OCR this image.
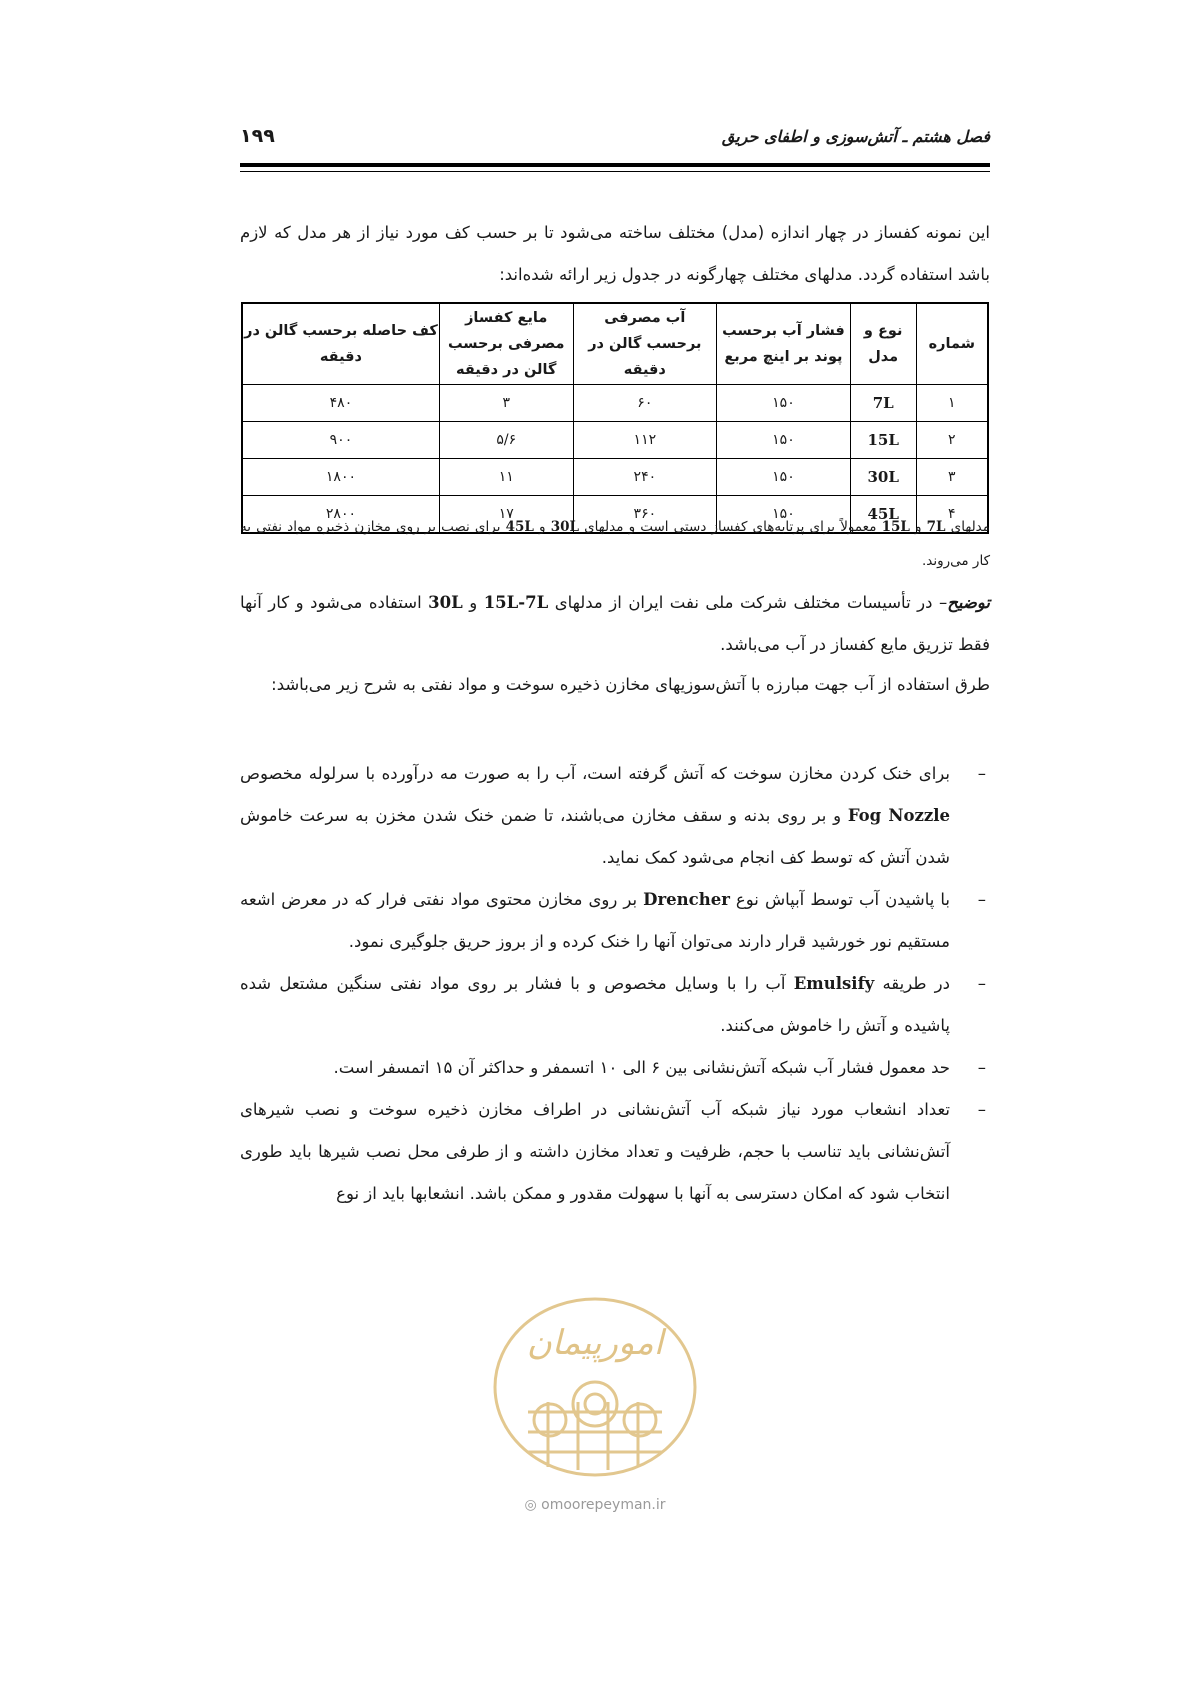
۱۹۹	فصل هشتم ـ آتش‌سوزی و اطفای حریق

این نمونه کفساز در چهار اندازه (مدل) مختلف ساخته می‌شود تا بر حسب کف مورد نیاز از هر مدل که لازم باشد استفاده گردد. مدلهای مختلف چهارگونه در جدول زیر ارائه شده‌اند:

شماره	نوع و مدل	فشار آب برحسب پوند بر اینچ مربع	آب مصرفی برحسب گالن در دقیقه	مایع کفساز مصرفی برحسب گالن در دقیقه	کف حاصله برحسب گالن در دقیقه
۱	7L	۱۵۰	۶۰	۳	۴۸۰
۲	15L	۱۵۰	۱۱۲	۵/۶	۹۰۰
۳	30L	۱۵۰	۲۴۰	۱۱	۱۸۰۰
۴	45L	۱۵۰	۳۶۰	۱۷	۲۸۰۰

مدلهای 7L و 15L معمولاً برای پرتابه‌های کفساز دستی است و مدلهای 30L و 45L برای نصب بر روی مخازن ذخیره مواد نفتی به کار می‌روند.

توضیح– در تأسیسات مختلف شرکت ملی نفت ایران از مدلهای 15L-7L و 30L استفاده می‌شود و کار آنها فقط تزریق مایع کفساز در آب می‌باشد.

طرق استفاده از آب جهت مبارزه با آتش‌سوزیهای مخازن ذخیره سوخت و مواد نفتی به شرح زیر می‌باشد:

–
برای خنک کردن مخازن سوخت که آتش گرفته است، آب را به صورت مه درآورده با سرلوله مخصوص Fog Nozzle و بر روی بدنه و سقف مخازن می‌باشند، تا ضمن خنک شدن مخزن به سرعت خاموش شدن آتش که توسط کف انجام می‌شود کمک نماید.
–
با پاشیدن آب توسط آبپاش نوع Drencher بر روی مخازن محتوی مواد نفتی فرار که در معرض اشعه مستقیم نور خورشید قرار دارند می‌توان آنها را خنک کرده و از بروز حریق جلوگیری نمود.
–
در طریقه Emulsify آب را با وسایل مخصوص و با فشار بر روی مواد نفتی سنگین مشتعل شده پاشیده و آتش را خاموش می‌کنند.
–
حد معمول فشار آب شبکه آتش‌نشانی بین ۶ الی ۱۰ اتسمفر و حداکثر آن ۱۵ اتمسفر است.
–
تعداد انشعاب مورد نیاز شبکه آب آتش‌نشانی در اطراف مخازن ذخیره سوخت و نصب شیرهای آتش‌نشانی باید تناسب با حجم، ظرفیت و تعداد مخازن داشته و از طرفی محل نصب شیرها باید طوری انتخاب شود که امکان دسترسی به آنها با سهولت مقدور و ممکن باشد. انشعابها باید از نوع
امورپیمان
◎ omoorepeyman.ir
